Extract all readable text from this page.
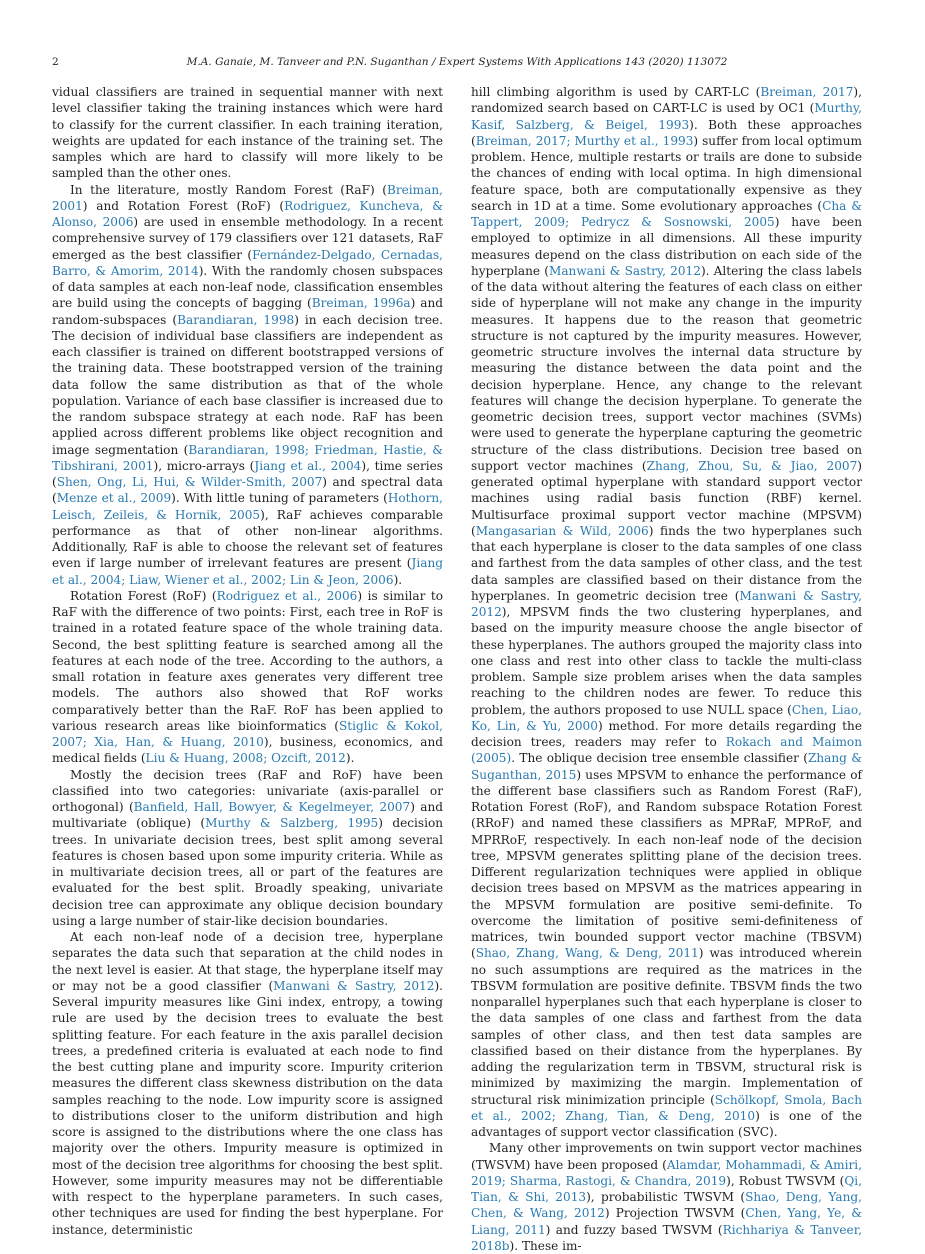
2	M.A. Ganaie, M. Tanveer and P.N. Suganthan / Expert Systems With Applications 143 (2020) 113072

vidual classifiers are trained in sequential manner with next level classifier taking the training instances which were hard to classify for the current classifier. In each training iteration, weights are updated for each instance of the training set. The samples which are hard to classify will more likely to be sampled than the other ones.

In the literature, mostly Random Forest (RaF) (Breiman, 2001) and Rotation Forest (RoF) (Rodriguez, Kuncheva, & Alonso, 2006) are used in ensemble methodology. In a recent comprehensive survey of 179 classifiers over 121 datasets, RaF emerged as the best classifier (Fernández-Delgado, Cernadas, Barro, & Amorim, 2014). With the randomly chosen subspaces of data samples at each non-leaf node, classification ensembles are build using the concepts of bagging (Breiman, 1996a) and random-subspaces (Barandiaran, 1998) in each decision tree. The decision of individual base classifiers are independent as each classifier is trained on different bootstrapped versions of the training data. These bootstrapped version of the training data follow the same distribution as that of the whole population. Variance of each base classifier is increased due to the random subspace strategy at each node. RaF has been applied across different problems like object recognition and image segmentation (Barandiaran, 1998; Friedman, Hastie, & Tibshirani, 2001), micro-arrays (Jiang et al., 2004), time series (Shen, Ong, Li, Hui, & Wilder-Smith, 2007) and spectral data (Menze et al., 2009). With little tuning of parameters (Hothorn, Leisch, Zeileis, & Hornik, 2005), RaF achieves comparable performance as that of other non-linear algorithms. Additionally, RaF is able to choose the relevant set of features even if large number of irrelevant features are present (Jiang et al., 2004; Liaw, Wiener et al., 2002; Lin & Jeon, 2006).

Rotation Forest (RoF) (Rodriguez et al., 2006) is similar to RaF with the difference of two points: First, each tree in RoF is trained in a rotated feature space of the whole training data. Second, the best splitting feature is searched among all the features at each node of the tree. According to the authors, a small rotation in feature axes generates very different tree models. The authors also showed that RoF works comparatively better than the RaF. RoF has been applied to various research areas like bioinformatics (Stiglic & Kokol, 2007; Xia, Han, & Huang, 2010), business, economics, and medical fields (Liu & Huang, 2008; Ozcift, 2012).

Mostly the decision trees (RaF and RoF) have been classified into two categories: univariate (axis-parallel or orthogonal) (Banfield, Hall, Bowyer, & Kegelmeyer, 2007) and multivariate (oblique) (Murthy & Salzberg, 1995) decision trees. In univariate decision trees, best split among several features is chosen based upon some impurity criteria. While as in multivariate decision trees, all or part of the features are evaluated for the best split. Broadly speaking, univariate decision tree can approximate any oblique decision boundary using a large number of stair-like decision boundaries.

At each non-leaf node of a decision tree, hyperplane separates the data such that separation at the child nodes in the next level is easier. At that stage, the hyperplane itself may or may not be a good classifier (Manwani & Sastry, 2012). Several impurity measures like Gini index, entropy, a towing rule are used by the decision trees to evaluate the best splitting feature. For each feature in the axis parallel decision trees, a predefined criteria is evaluated at each node to find the best cutting plane and impurity score. Impurity criterion measures the different class skewness distribution on the data samples reaching to the node. Low impurity score is assigned to distributions closer to the uniform distribution and high score is assigned to the distributions where the one class has majority over the others. Impurity measure is optimized in most of the decision tree algorithms for choosing the best split. However, some impurity measures may not be differentiable with respect to the hyperplane parameters. In such cases, other techniques are used for finding the best hyperplane. For instance, deterministic

hill climbing algorithm is used by CART-LC (Breiman, 2017), randomized search based on CART-LC is used by OC1 (Murthy, Kasif, Salzberg, & Beigel, 1993). Both these approaches (Breiman, 2017; Murthy et al., 1993) suffer from local optimum problem. Hence, multiple restarts or trails are done to subside the chances of ending with local optima. In high dimensional feature space, both are computationally expensive as they search in 1D at a time. Some evolutionary approaches (Cha & Tappert, 2009; Pedrycz & Sosnowski, 2005) have been employed to optimize in all dimensions. All these impurity measures depend on the class distribution on each side of the hyperplane (Manwani & Sastry, 2012). Altering the class labels of the data without altering the features of each class on either side of hyperplane will not make any change in the impurity measures. It happens due to the reason that geometric structure is not captured by the impurity measures. However, geometric structure involves the internal data structure by measuring the distance between the data point and the decision hyperplane. Hence, any change to the relevant features will change the decision hyperplane. To generate the geometric decision trees, support vector machines (SVMs) were used to generate the hyperplane capturing the geometric structure of the class distributions. Decision tree based on support vector machines (Zhang, Zhou, Su, & Jiao, 2007) generated optimal hyperplane with standard support vector machines using radial basis function (RBF) kernel. Multisurface proximal support vector machine (MPSVM) (Mangasarian & Wild, 2006) finds the two hyperplanes such that each hyperplane is closer to the data samples of one class and farthest from the data samples of other class, and the test data samples are classified based on their distance from the hyperplanes. In geometric decision tree (Manwani & Sastry, 2012), MPSVM finds the two clustering hyperplanes, and based on the impurity measure choose the angle bisector of these hyperplanes. The authors grouped the majority class into one class and rest into other class to tackle the multi-class problem. Sample size problem arises when the data samples reaching to the children nodes are fewer. To reduce this problem, the authors proposed to use NULL space (Chen, Liao, Ko, Lin, & Yu, 2000) method. For more details regarding the decision trees, readers may refer to Rokach and Maimon (2005). The oblique decision tree ensemble classifier (Zhang & Suganthan, 2015) uses MPSVM to enhance the performance of the different base classifiers such as Random Forest (RaF), Rotation Forest (RoF), and Random subspace Rotation Forest (RRoF) and named these classifiers as MPRaF, MPRoF, and MPRRoF, respectively. In each non-leaf node of the decision tree, MPSVM generates splitting plane of the decision trees. Different regularization techniques were applied in oblique decision trees based on MPSVM as the matrices appearing in the MPSVM formulation are positive semi-definite. To overcome the limitation of positive semi-definiteness of matrices, twin bounded support vector machine (TBSVM) (Shao, Zhang, Wang, & Deng, 2011) was introduced wherein no such assumptions are required as the matrices in the TBSVM formulation are positive definite. TBSVM finds the two nonparallel hyperplanes such that each hyperplane is closer to the data samples of one class and farthest from the data samples of other class, and then test data samples are classified based on their distance from the hyperplanes. By adding the regularization term in TBSVM, structural risk is minimized by maximizing the margin. Implementation of structural risk minimization principle (Schölkopf, Smola, Bach et al., 2002; Zhang, Tian, & Deng, 2010) is one of the advantages of support vector classification (SVC).

Many other improvements on twin support vector machines (TWSVM) have been proposed (Alamdar, Mohammadi, & Amiri, 2019; Sharma, Rastogi, & Chandra, 2019), Robust TWSVM (Qi, Tian, & Shi, 2013), probabilistic TWSVM (Shao, Deng, Yang, Chen, & Wang, 2012) Projection TWSVM (Chen, Yang, Ye, & Liang, 2011) and fuzzy based TWSVM (Richhariya & Tanveer, 2018b). These im-
